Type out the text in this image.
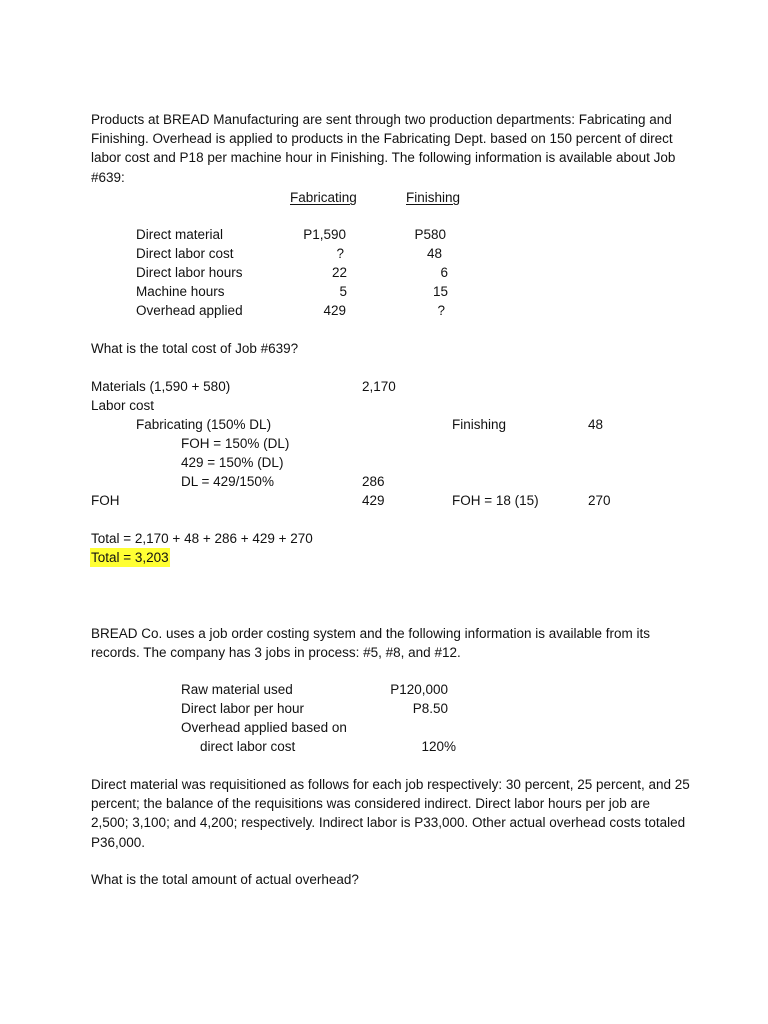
Products at BREAD Manufacturing are sent through two production departments: Fabricating and Finishing. Overhead is applied to products in the Fabricating Dept. based on 150 percent of direct labor cost and P18 per machine hour in Finishing. The following information is available about Job #639:
Fabricating	Finishing
Direct material	P1,590	P580
Direct labor cost	?	48
Direct labor hours	22	6
Machine hours	5	15
Overhead applied	429	?
What is the total cost of Job #639?
Materials (1,590 + 580)	2,170
Labor cost
Fabricating (150% DL)	Finishing	48
FOH = 150% (DL)
429 = 150% (DL)
DL = 429/150%	286
FOH	429	FOH = 18 (15)	270
Total = 2,170 + 48 + 286 + 429 + 270
Total = 3,203
BREAD Co. uses a job order costing system and the following information is available from its records. The company has 3 jobs in process: #5, #8, and #12.
Raw material used	P120,000
Direct labor per hour	P8.50
Overhead applied based on
direct labor cost	120%
Direct material was requisitioned as follows for each job respectively: 30 percent, 25 percent, and 25 percent; the balance of the requisitions was considered indirect. Direct labor hours per job are 2,500; 3,100; and 4,200; respectively. Indirect labor is P33,000. Other actual overhead costs totaled P36,000.
What is the total amount of actual overhead?
